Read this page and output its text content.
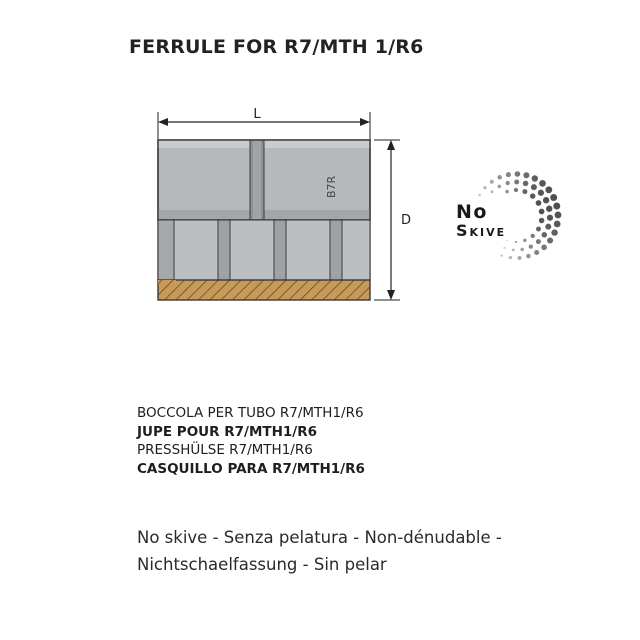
FERRULE FOR R7/MTH 1/R6
L
D
B7R
No
Skive
BOCCOLA PER TUBO R7/MTH1/R6
JUPE POUR R7/MTH1/R6
PRESSHÜLSE R7/MTH1/R6
CASQUILLO PARA R7/MTH1/R6
No skive - Senza pelatura - Non-dénudable -
Nichtschaelfassung - Sin pelar
